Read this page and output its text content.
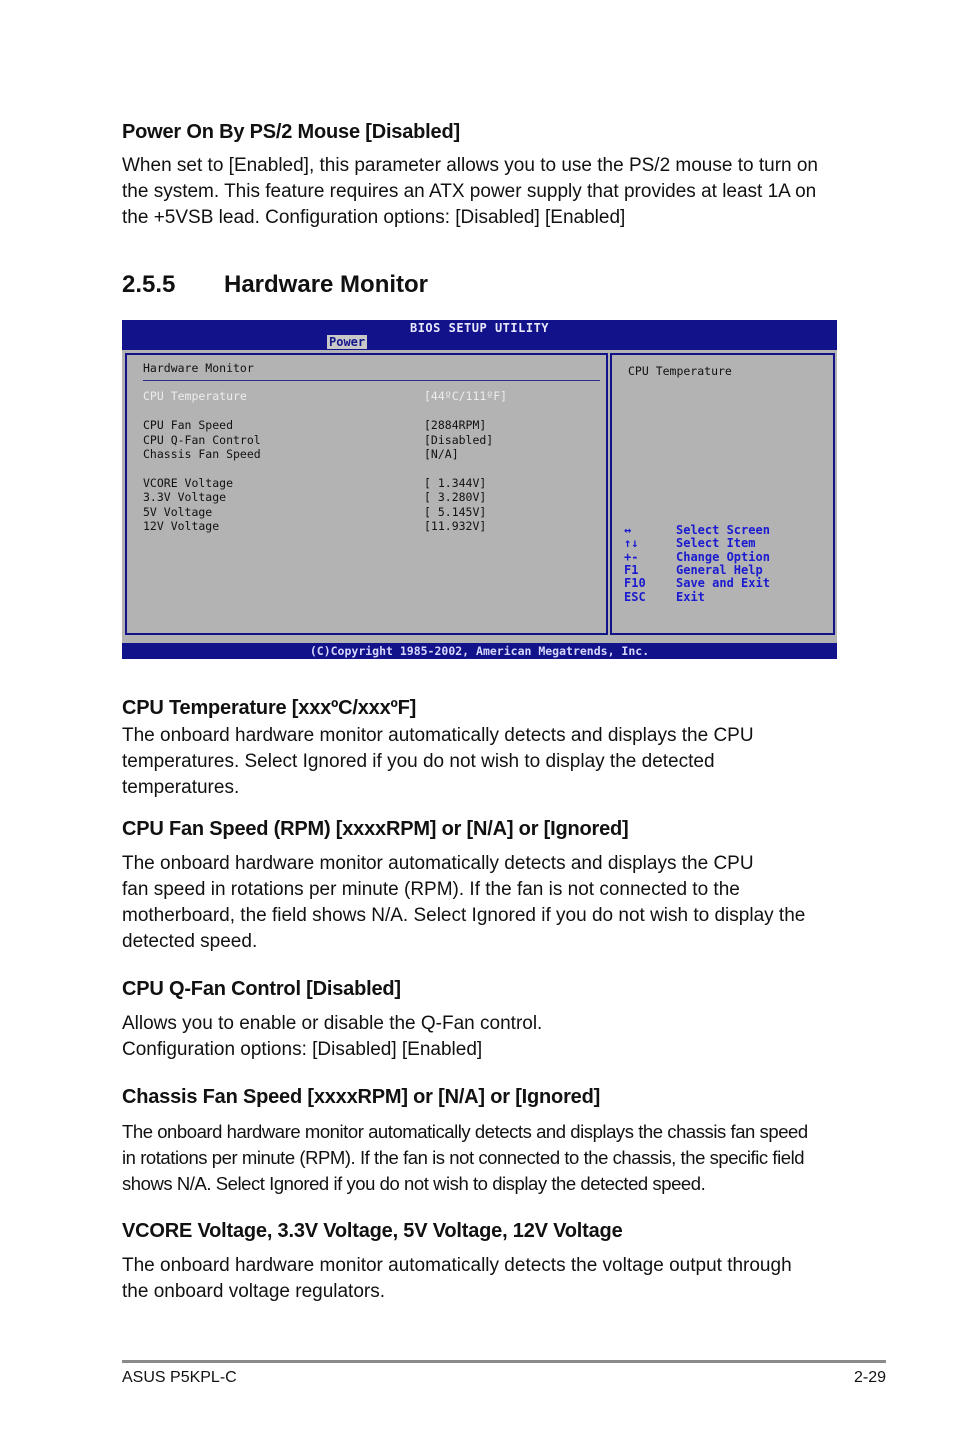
Power On By PS/2 Mouse [Disabled]
When set to [Enabled], this parameter allows you to use the PS/2 mouse to turn on
the system. This feature requires an ATX power supply that provides at least 1A on
the +5VSB lead. Configuration options: [Disabled] [Enabled]
2.5.5 Hardware Monitor
BIOS SETUP UTILITY
Power
Hardware Monitor
CPU Temperature	[44ºC/111ºF]
CPU Fan Speed	[2884RPM]
CPU Q-Fan Control	[Disabled]
Chassis Fan Speed	[N/A]
VCORE Voltage	[ 1.344V]
3.3V Voltage	[ 3.280V]
5V Voltage	[ 5.145V]
12V Voltage	[11.932V]
CPU Temperature
↔	Select Screen
↑↓	Select Item
+-	Change Option
F1	General Help
F10	Save and Exit
ESC	Exit
(C)Copyright 1985-2002, American Megatrends, Inc.
CPU Temperature [xxxºC/xxxºF]
The onboard hardware monitor automatically detects and displays the CPU
temperatures. Select Ignored if you do not wish to display the detected
temperatures.
CPU Fan Speed (RPM) [xxxxRPM] or [N/A] or [Ignored]
The onboard hardware monitor automatically detects and displays the CPU
fan speed in rotations per minute (RPM). If the fan is not connected to the
motherboard, the field shows N/A. Select Ignored if you do not wish to display the
detected speed.
CPU Q-Fan Control [Disabled]
Allows you to enable or disable the Q-Fan control.
Configuration options: [Disabled] [Enabled]
Chassis Fan Speed [xxxxRPM] or [N/A] or [Ignored]
The onboard hardware monitor automatically detects and displays the chassis fan speed
in rotations per minute (RPM). If the fan is not connected to the chassis, the specific field
shows N/A. Select Ignored if you do not wish to display the detected speed.
VCORE Voltage, 3.3V Voltage, 5V Voltage, 12V Voltage
The onboard hardware monitor automatically detects the voltage output through
the onboard voltage regulators.
ASUS P5KPL-C	2-29
